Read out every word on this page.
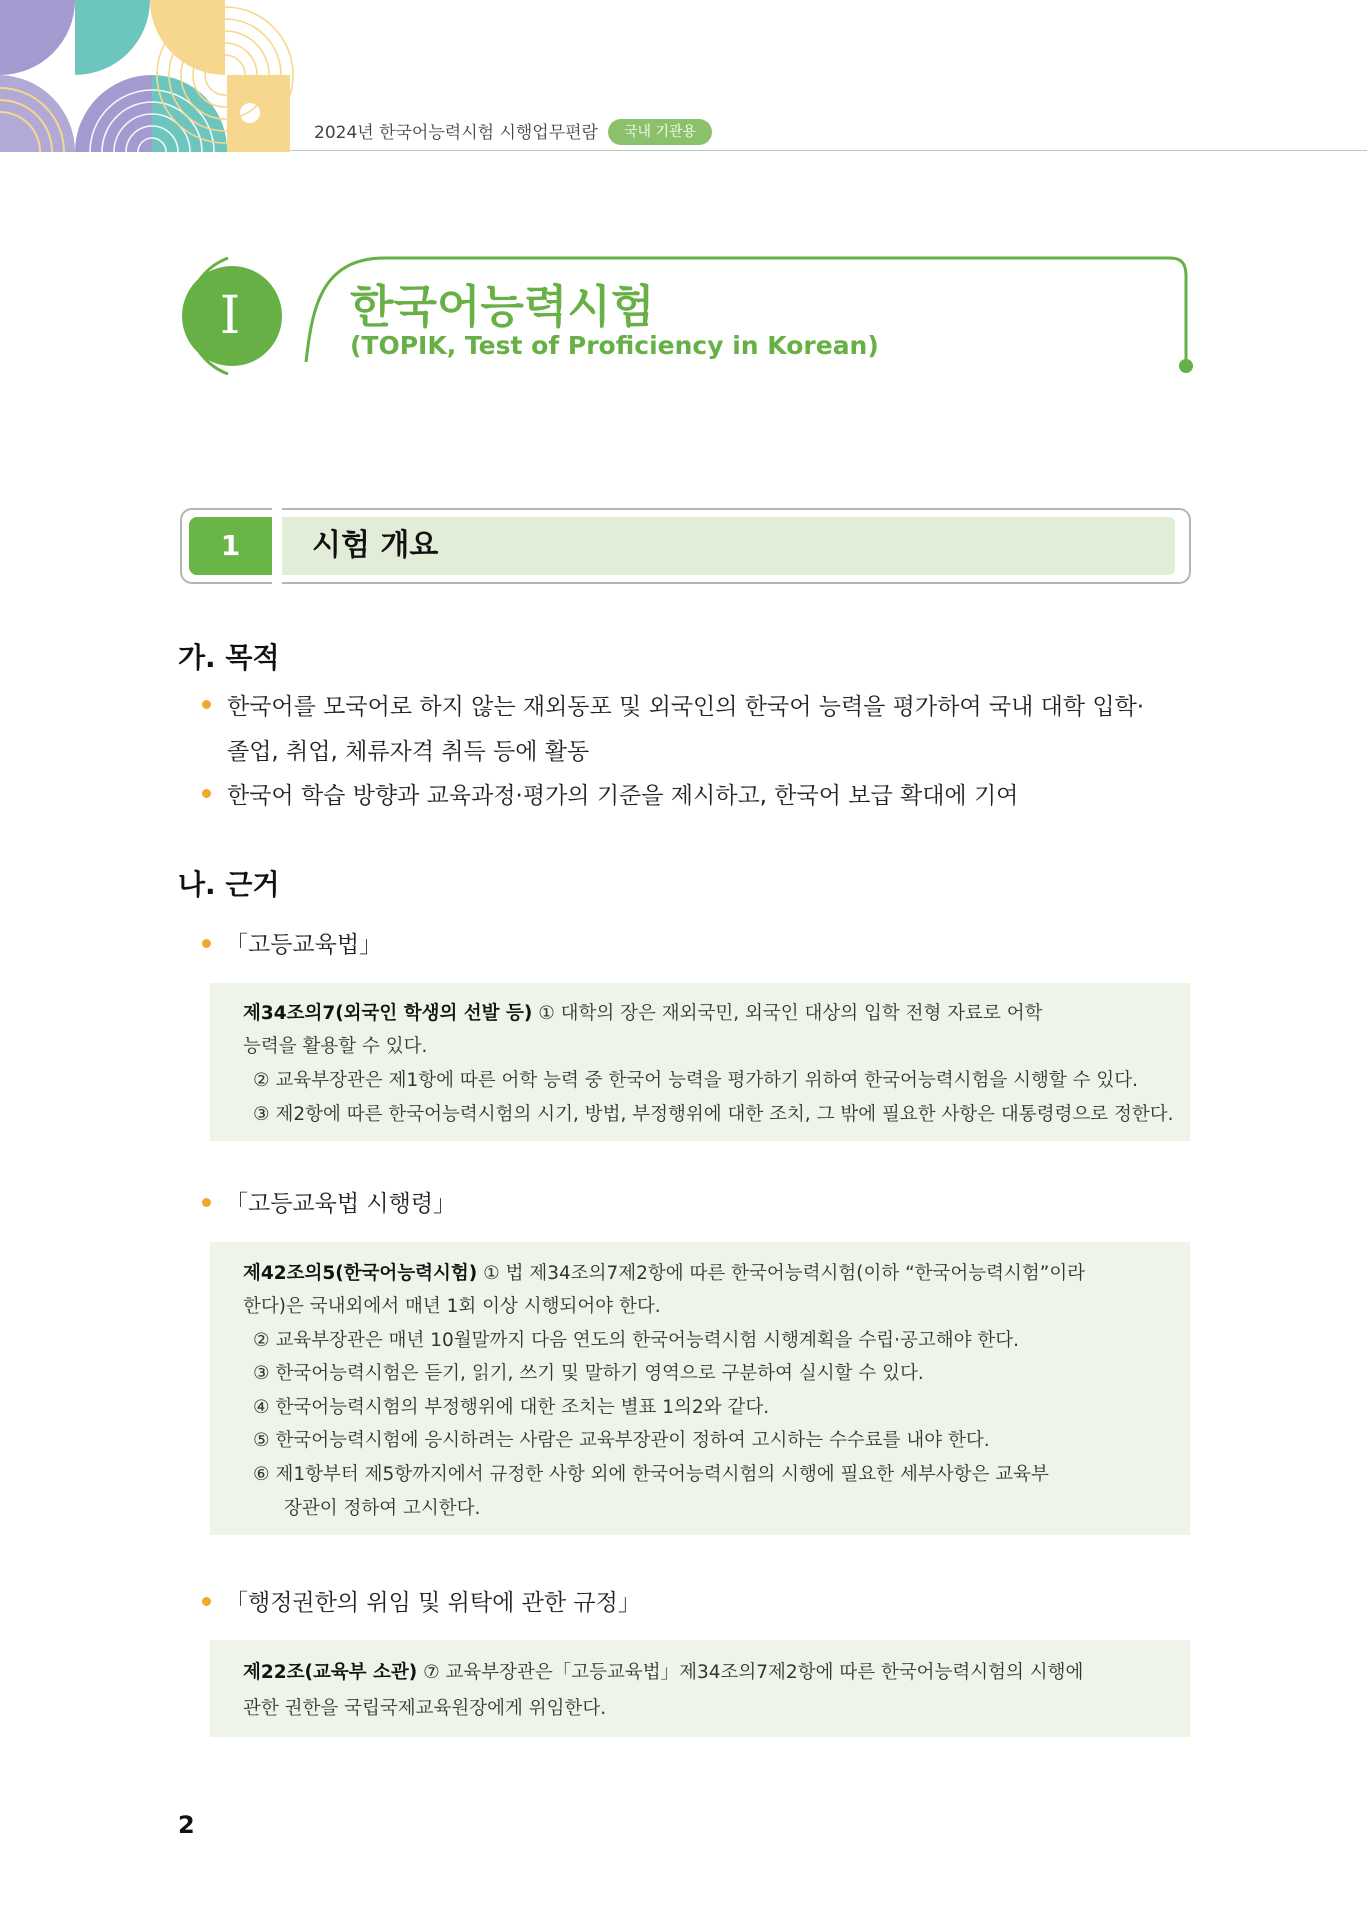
2024년 한국어능력시험 시행업무편람	국내 기관용
I	한국어능력시험
(TOPIK, Test of Proficiency in Korean)
1	시험 개요
가. 목적
한국어를 모국어로 하지 않는 재외동포 및 외국인의 한국어 능력을 평가하여 국내 대학 입학·
졸업, 취업, 체류자격 취득 등에 활동
한국어 학습 방향과 교육과정·평가의 기준을 제시하고, 한국어 보급 확대에 기여
나. 근거
「고등교육법」
제34조의7(외국인 학생의 선발 등) ① 대학의 장은 재외국민, 외국인 대상의 입학 전형 자료로 어학
능력을 활용할 수 있다.
② 교육부장관은 제1항에 따른 어학 능력 중 한국어 능력을 평가하기 위하여 한국어능력시험을 시행할 수 있다.
③ 제2항에 따른 한국어능력시험의 시기, 방법, 부정행위에 대한 조치, 그 밖에 필요한 사항은 대통령령으로 정한다.
「고등교육법 시행령」
제42조의5(한국어능력시험) ① 법 제34조의7제2항에 따른 한국어능력시험(이하 “한국어능력시험”이라
한다)은 국내외에서 매년 1회 이상 시행되어야 한다.
② 교육부장관은 매년 10월말까지 다음 연도의 한국어능력시험 시행계획을 수립·공고해야 한다.
③ 한국어능력시험은 듣기, 읽기, 쓰기 및 말하기 영역으로 구분하여 실시할 수 있다.
④ 한국어능력시험의 부정행위에 대한 조치는 별표 1의2와 같다.
⑤ 한국어능력시험에 응시하려는 사람은 교육부장관이 정하여 고시하는 수수료를 내야 한다.
⑥ 제1항부터 제5항까지에서 규정한 사항 외에 한국어능력시험의 시행에 필요한 세부사항은 교육부
장관이 정하여 고시한다.
「행정권한의 위임 및 위탁에 관한 규정」
제22조(교육부 소관) ⑦ 교육부장관은「고등교육법」제34조의7제2항에 따른 한국어능력시험의 시행에
관한 권한을 국립국제교육원장에게 위임한다.
2
